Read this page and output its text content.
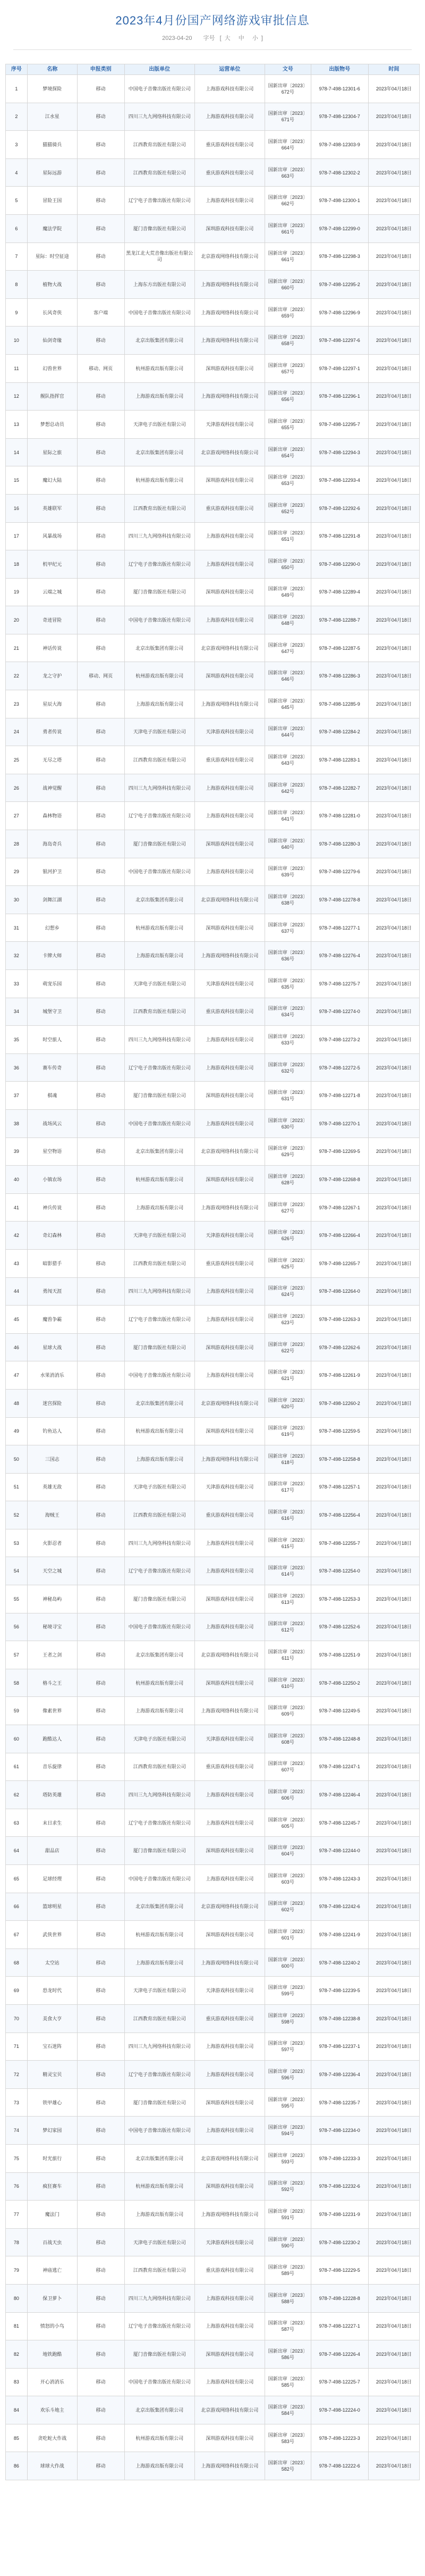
2023年4月份国产网络游戏审批信息
2023-04-20 字号 [ 大 中 小 ]
序号	名称	申报类别	出版单位	运营单位	文号	出版物号	时间
1	梦境探险	移动	中国电子音像出版社有限公司	上海游戏科技有限公司	国新出审〔2023〕672号	978-7-498-12301-6	2023年04月18日
2	江水星	移动	四川三九九网络科技有限公司	上海游戏科技有限公司	国新出审〔2023〕671号	978-7-498-12304-7	2023年04月18日
3	猫猫骑兵	移动	江西教育出版社有限公司	重庆游戏科技有限公司	国新出审〔2023〕664号	978-7-498-12303-9	2023年04月18日
4	星际远游	移动	江西教育出版社有限公司	重庆游戏科技有限公司	国新出审〔2023〕663号	978-7-498-12302-2	2023年04月18日
5	冒险王国	移动	辽宁电子音像出版社有限公司	上海游戏科技有限公司	国新出审〔2023〕662号	978-7-498-12300-1	2023年04月18日
6	魔法学院	移动	厦门音像出版社有限公司	深圳游戏科技有限公司	国新出审〔2023〕661号	978-7-498-12299-0	2023年04月18日
7	星际：时空征途	移动	黑龙江北大荒音像出版社有限公司	北京游戏网络科技有限公司	国新出审〔2023〕661号	978-7-498-12298-3	2023年04月18日
8	植物大战	移动	上海东方出版社有限公司	上海游戏网络科技有限公司	国新出审〔2023〕660号	978-7-498-12295-2	2023年04月18日
9	长风奇侠	客户端	中国电子音像出版社有限公司	上海游戏网络科技有限公司	国新出审〔2023〕659号	978-7-498-12296-9	2023年04月18日
10	仙剑奇缘	移动	北京出版集团有限公司	上海游戏网络科技有限公司	国新出审〔2023〕658号	978-7-498-12297-6	2023年04月18日
11	幻兽世界	移动、网页	杭州游戏出版有限公司	深圳游戏科技有限公司	国新出审〔2023〕657号	978-7-498-12297-1	2023年04月18日
12	舰队指挥官	移动	上海游戏出版有限公司	上海游戏网络科技有限公司	国新出审〔2023〕656号	978-7-498-12296-1	2023年04月18日
13	梦想总动员	移动	天津电子出版社有限公司	天津游戏科技有限公司	国新出审〔2023〕655号	978-7-498-12295-7	2023年04月18日
14	星际之旅	移动	北京出版集团有限公司	北京游戏网络科技有限公司	国新出审〔2023〕654号	978-7-498-12294-3	2023年04月18日
15	魔幻大陆	移动	杭州游戏出版有限公司	深圳游戏科技有限公司	国新出审〔2023〕653号	978-7-498-12293-4	2023年04月18日
16	英雄联军	移动	江西教育出版社有限公司	重庆游戏科技有限公司	国新出审〔2023〕652号	978-7-498-12292-6	2023年04月18日
17	风暴战场	移动	四川三九九网络科技有限公司	上海游戏科技有限公司	国新出审〔2023〕651号	978-7-498-12291-8	2023年04月18日
18	机甲纪元	移动	辽宁电子音像出版社有限公司	上海游戏科技有限公司	国新出审〔2023〕650号	978-7-498-12290-0	2023年04月18日
19	云端之城	移动	厦门音像出版社有限公司	深圳游戏科技有限公司	国新出审〔2023〕649号	978-7-498-12289-4	2023年04月18日
20	奇迹冒险	移动	中国电子音像出版社有限公司	上海游戏科技有限公司	国新出审〔2023〕648号	978-7-498-12288-7	2023年04月18日
21	神话传说	移动	北京出版集团有限公司	北京游戏网络科技有限公司	国新出审〔2023〕647号	978-7-498-12287-5	2023年04月18日
22	龙之守护	移动、网页	杭州游戏出版有限公司	深圳游戏科技有限公司	国新出审〔2023〕646号	978-7-498-12286-3	2023年04月18日
23	星辰大海	移动	上海游戏出版有限公司	上海游戏网络科技有限公司	国新出审〔2023〕645号	978-7-498-12285-9	2023年04月18日
24	勇者传说	移动	天津电子出版社有限公司	天津游戏科技有限公司	国新出审〔2023〕644号	978-7-498-12284-2	2023年04月18日
25	无尽之塔	移动	江西教育出版社有限公司	重庆游戏科技有限公司	国新出审〔2023〕643号	978-7-498-12283-1	2023年04月18日
26	战神觉醒	移动	四川三九九网络科技有限公司	上海游戏科技有限公司	国新出审〔2023〕642号	978-7-498-12282-7	2023年04月18日
27	森林物语	移动	辽宁电子音像出版社有限公司	上海游戏科技有限公司	国新出审〔2023〕641号	978-7-498-12281-0	2023年04月18日
28	海岛奇兵	移动	厦门音像出版社有限公司	深圳游戏科技有限公司	国新出审〔2023〕640号	978-7-498-12280-3	2023年04月18日
29	银河护卫	移动	中国电子音像出版社有限公司	上海游戏科技有限公司	国新出审〔2023〕639号	978-7-498-12279-6	2023年04月18日
30	剑舞江湖	移动	北京出版集团有限公司	北京游戏网络科技有限公司	国新出审〔2023〕638号	978-7-498-12278-8	2023年04月18日
31	幻想乡	移动	杭州游戏出版有限公司	深圳游戏科技有限公司	国新出审〔2023〕637号	978-7-498-12277-1	2023年04月18日
32	卡牌大师	移动	上海游戏出版有限公司	上海游戏网络科技有限公司	国新出审〔2023〕636号	978-7-498-12276-4	2023年04月18日
33	萌宠乐园	移动	天津电子出版社有限公司	天津游戏科技有限公司	国新出审〔2023〕635号	978-7-498-12275-7	2023年04月18日
34	城堡守卫	移动	江西教育出版社有限公司	重庆游戏科技有限公司	国新出审〔2023〕634号	978-7-498-12274-0	2023年04月18日
35	时空旅人	移动	四川三九九网络科技有限公司	上海游戏科技有限公司	国新出审〔2023〕633号	978-7-498-12273-2	2023年04月18日
36	赛车传奇	移动	辽宁电子音像出版社有限公司	上海游戏科技有限公司	国新出审〔2023〕632号	978-7-498-12272-5	2023年04月18日
37	棋魂	移动	厦门音像出版社有限公司	深圳游戏科技有限公司	国新出审〔2023〕631号	978-7-498-12271-8	2023年04月18日
38	战场风云	移动	中国电子音像出版社有限公司	上海游戏科技有限公司	国新出审〔2023〕630号	978-7-498-12270-1	2023年04月18日
39	星空物语	移动	北京出版集团有限公司	北京游戏网络科技有限公司	国新出审〔2023〕629号	978-7-498-12269-5	2023年04月18日
40	小镇农场	移动	杭州游戏出版有限公司	深圳游戏科技有限公司	国新出审〔2023〕628号	978-7-498-12268-8	2023年04月18日
41	神兵传说	移动	上海游戏出版有限公司	上海游戏网络科技有限公司	国新出审〔2023〕627号	978-7-498-12267-1	2023年04月18日
42	奇幻森林	移动	天津电子出版社有限公司	天津游戏科技有限公司	国新出审〔2023〕626号	978-7-498-12266-4	2023年04月18日
43	暗影猎手	移动	江西教育出版社有限公司	重庆游戏科技有限公司	国新出审〔2023〕625号	978-7-498-12265-7	2023年04月18日
44	勇闯天涯	移动	四川三九九网络科技有限公司	上海游戏科技有限公司	国新出审〔2023〕624号	978-7-498-12264-0	2023年04月18日
45	魔兽争霸	移动	辽宁电子音像出版社有限公司	上海游戏科技有限公司	国新出审〔2023〕623号	978-7-498-12263-3	2023年04月18日
46	星球大战	移动	厦门音像出版社有限公司	深圳游戏科技有限公司	国新出审〔2023〕622号	978-7-498-12262-6	2023年04月18日
47	水果消消乐	移动	中国电子音像出版社有限公司	上海游戏科技有限公司	国新出审〔2023〕621号	978-7-498-12261-9	2023年04月18日
48	迷宫探险	移动	北京出版集团有限公司	北京游戏网络科技有限公司	国新出审〔2023〕620号	978-7-498-12260-2	2023年04月18日
49	钓鱼达人	移动	杭州游戏出版有限公司	深圳游戏科技有限公司	国新出审〔2023〕619号	978-7-498-12259-5	2023年04月18日
50	三国志	移动	上海游戏出版有限公司	上海游戏网络科技有限公司	国新出审〔2023〕618号	978-7-498-12258-8	2023年04月18日
51	英雄无敌	移动	天津电子出版社有限公司	天津游戏科技有限公司	国新出审〔2023〕617号	978-7-498-12257-1	2023年04月18日
52	海贼王	移动	江西教育出版社有限公司	重庆游戏科技有限公司	国新出审〔2023〕616号	978-7-498-12256-4	2023年04月18日
53	火影忍者	移动	四川三九九网络科技有限公司	上海游戏科技有限公司	国新出审〔2023〕615号	978-7-498-12255-7	2023年04月18日
54	天空之城	移动	辽宁电子音像出版社有限公司	上海游戏科技有限公司	国新出审〔2023〕614号	978-7-498-12254-0	2023年04月18日
55	神秘岛屿	移动	厦门音像出版社有限公司	深圳游戏科技有限公司	国新出审〔2023〕613号	978-7-498-12253-3	2023年04月18日
56	秘境寻宝	移动	中国电子音像出版社有限公司	上海游戏科技有限公司	国新出审〔2023〕612号	978-7-498-12252-6	2023年04月18日
57	王者之剑	移动	北京出版集团有限公司	北京游戏网络科技有限公司	国新出审〔2023〕611号	978-7-498-12251-9	2023年04月18日
58	格斗之王	移动	杭州游戏出版有限公司	深圳游戏科技有限公司	国新出审〔2023〕610号	978-7-498-12250-2	2023年04月18日
59	像素世界	移动	上海游戏出版有限公司	上海游戏网络科技有限公司	国新出审〔2023〕609号	978-7-498-12249-5	2023年04月18日
60	跑酷达人	移动	天津电子出版社有限公司	天津游戏科技有限公司	国新出审〔2023〕608号	978-7-498-12248-8	2023年04月18日
61	音乐旋律	移动	江西教育出版社有限公司	重庆游戏科技有限公司	国新出审〔2023〕607号	978-7-498-12247-1	2023年04月18日
62	塔防英雄	移动	四川三九九网络科技有限公司	上海游戏科技有限公司	国新出审〔2023〕606号	978-7-498-12246-4	2023年04月18日
63	末日求生	移动	辽宁电子音像出版社有限公司	上海游戏科技有限公司	国新出审〔2023〕605号	978-7-498-12245-7	2023年04月18日
64	甜品店	移动	厦门音像出版社有限公司	深圳游戏科技有限公司	国新出审〔2023〕604号	978-7-498-12244-0	2023年04月18日
65	足球经理	移动	中国电子音像出版社有限公司	上海游戏科技有限公司	国新出审〔2023〕603号	978-7-498-12243-3	2023年04月18日
66	篮球明星	移动	北京出版集团有限公司	北京游戏网络科技有限公司	国新出审〔2023〕602号	978-7-498-12242-6	2023年04月18日
67	武侠世界	移动	杭州游戏出版有限公司	深圳游戏科技有限公司	国新出审〔2023〕601号	978-7-498-12241-9	2023年04月18日
68	太空站	移动	上海游戏出版有限公司	上海游戏网络科技有限公司	国新出审〔2023〕600号	978-7-498-12240-2	2023年04月18日
69	恐龙时代	移动	天津电子出版社有限公司	天津游戏科技有限公司	国新出审〔2023〕599号	978-7-498-12239-5	2023年04月18日
70	美食大亨	移动	江西教育出版社有限公司	重庆游戏科技有限公司	国新出审〔2023〕598号	978-7-498-12238-8	2023年04月18日
71	宝石迷阵	移动	四川三九九网络科技有限公司	上海游戏科技有限公司	国新出审〔2023〕597号	978-7-498-12237-1	2023年04月18日
72	精灵宝贝	移动	辽宁电子音像出版社有限公司	上海游戏科技有限公司	国新出审〔2023〕596号	978-7-498-12236-4	2023年04月18日
73	铁甲雄心	移动	厦门音像出版社有限公司	深圳游戏科技有限公司	国新出审〔2023〕595号	978-7-498-12235-7	2023年04月18日
74	梦幻家园	移动	中国电子音像出版社有限公司	上海游戏科技有限公司	国新出审〔2023〕594号	978-7-498-12234-0	2023年04月18日
75	时光旅行	移动	北京出版集团有限公司	北京游戏网络科技有限公司	国新出审〔2023〕593号	978-7-498-12233-3	2023年04月18日
76	疯狂赛车	移动	杭州游戏出版有限公司	深圳游戏科技有限公司	国新出审〔2023〕592号	978-7-498-12232-6	2023年04月18日
77	魔法门	移动	上海游戏出版有限公司	上海游戏网络科技有限公司	国新出审〔2023〕591号	978-7-498-12231-9	2023年04月18日
78	百战天虫	移动	天津电子出版社有限公司	天津游戏科技有限公司	国新出审〔2023〕590号	978-7-498-12230-2	2023年04月18日
79	神庙逃亡	移动	江西教育出版社有限公司	重庆游戏科技有限公司	国新出审〔2023〕589号	978-7-498-12229-5	2023年04月18日
80	保卫萝卜	移动	四川三九九网络科技有限公司	上海游戏科技有限公司	国新出审〔2023〕588号	978-7-498-12228-8	2023年04月18日
81	愤怒的小鸟	移动	辽宁电子音像出版社有限公司	上海游戏科技有限公司	国新出审〔2023〕587号	978-7-498-12227-1	2023年04月18日
82	地铁跑酷	移动	厦门音像出版社有限公司	深圳游戏科技有限公司	国新出审〔2023〕586号	978-7-498-12226-4	2023年04月18日
83	开心消消乐	移动	中国电子音像出版社有限公司	上海游戏科技有限公司	国新出审〔2023〕585号	978-7-498-12225-7	2023年04月18日
84	欢乐斗地主	移动	北京出版集团有限公司	北京游戏网络科技有限公司	国新出审〔2023〕584号	978-7-498-12224-0	2023年04月18日
85	贪吃蛇大作战	移动	杭州游戏出版有限公司	深圳游戏科技有限公司	国新出审〔2023〕583号	978-7-498-12223-3	2023年04月18日
86	球球大作战	移动	上海游戏出版有限公司	上海游戏网络科技有限公司	国新出审〔2023〕582号	978-7-498-12222-6	2023年04月18日
